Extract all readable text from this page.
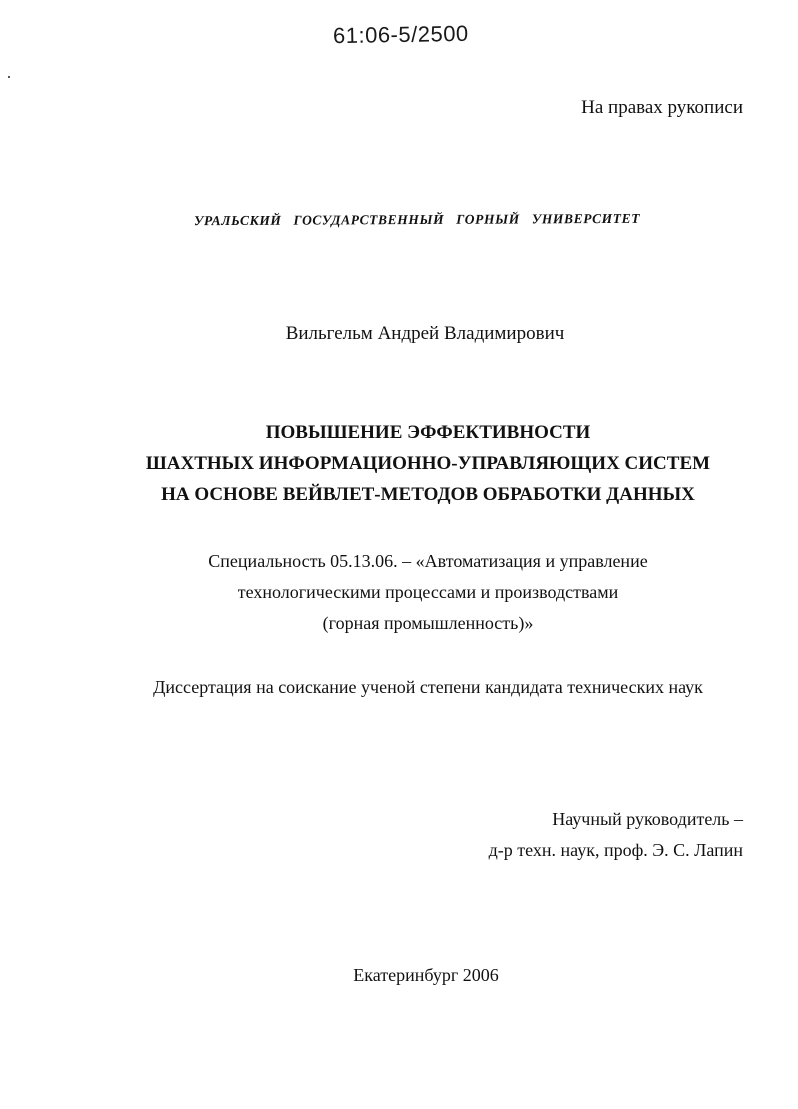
61:06-5/2500
На правах рукописи
УРАЛЬСКИЙ ГОСУДАРСТВЕННЫЙ ГОРНЫЙ УНИВЕРСИТЕТ
Вильгельм Андрей Владимирович
ПОВЫШЕНИЕ ЭФФЕКТИВНОСТИ
ШАХТНЫХ ИНФОРМАЦИОННО-УПРАВЛЯЮЩИХ СИСТЕМ
НА ОСНОВЕ ВЕЙВЛЕТ-МЕТОДОВ ОБРАБОТКИ ДАННЫХ
Специальность 05.13.06. – «Автоматизация и управление
технологическими процессами и производствами
(горная промышленность)»
Диссертация на соискание ученой степени кандидата технических наук
Научный руководитель –
д-р техн. наук, проф. Э. С. Лапин
Екатеринбург 2006
